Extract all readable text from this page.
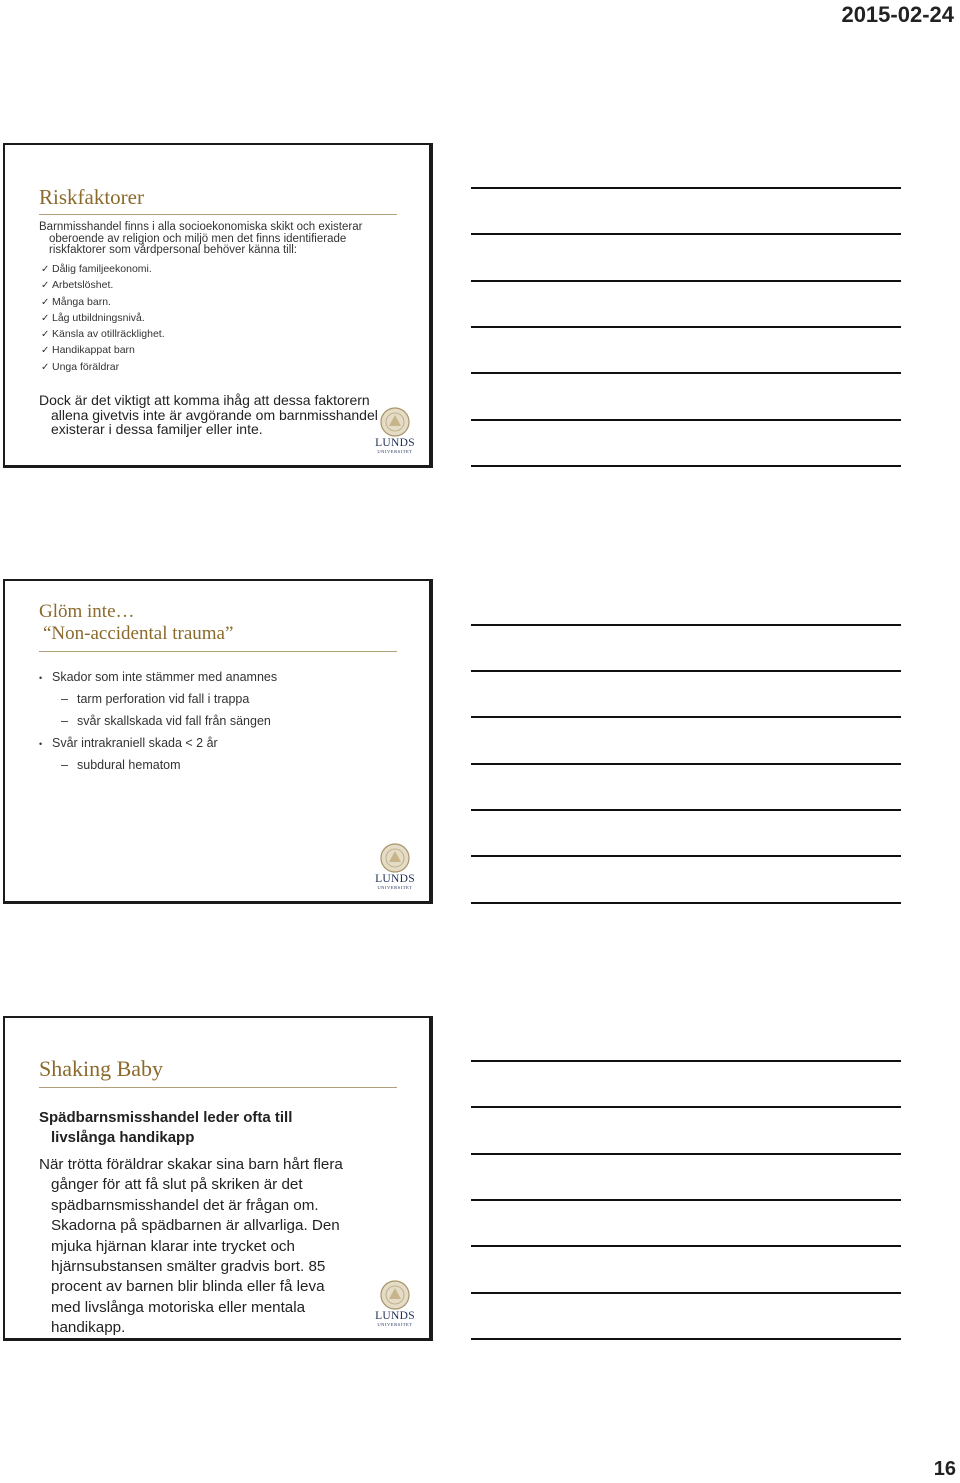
2015-02-24
Riskfaktorer
Barnmisshandel finns i alla socioekonomiska skikt och existerar
oberoende av religion och miljö men det finns identifierade
riskfaktorer som vårdpersonal behöver känna till:
✓ Dålig familjeekonomi.
✓ Arbetslöshet.
✓ Många barn.
✓ Låg utbildningsnivå.
✓ Känsla av otillräcklighet.
✓ Handikappat barn
✓ Unga föräldrar
Dock är det viktigt att komma ihåg att dessa faktorern
allena givetvis inte är avgörande om barnmisshandel
existerar i dessa familjer eller inte.
LUNDS
UNIVERSITET
Glöm inte…
“Non-accidental trauma”
• Skador som inte stämmer med anamnes
– tarm perforation vid fall i trappa
– svår skallskada vid fall från sängen
• Svår intrakraniell skada < 2 år
– subdural hematom
LUNDS
UNIVERSITET
Shaking Baby
Spädbarnsmisshandel leder ofta till
livslånga handikapp
När trötta föräldrar skakar sina barn hårt flera
gånger för att få slut på skriken är det
spädbarnsmisshandel det är frågan om.
Skadorna på spädbarnen är allvarliga. Den
mjuka hjärnan klarar inte trycket och
hjärnsubstansen smälter gradvis bort. 85
procent av barnen blir blinda eller få leva
med livslånga motoriska eller mentala
handikapp.
LUNDS
UNIVERSITET
16
